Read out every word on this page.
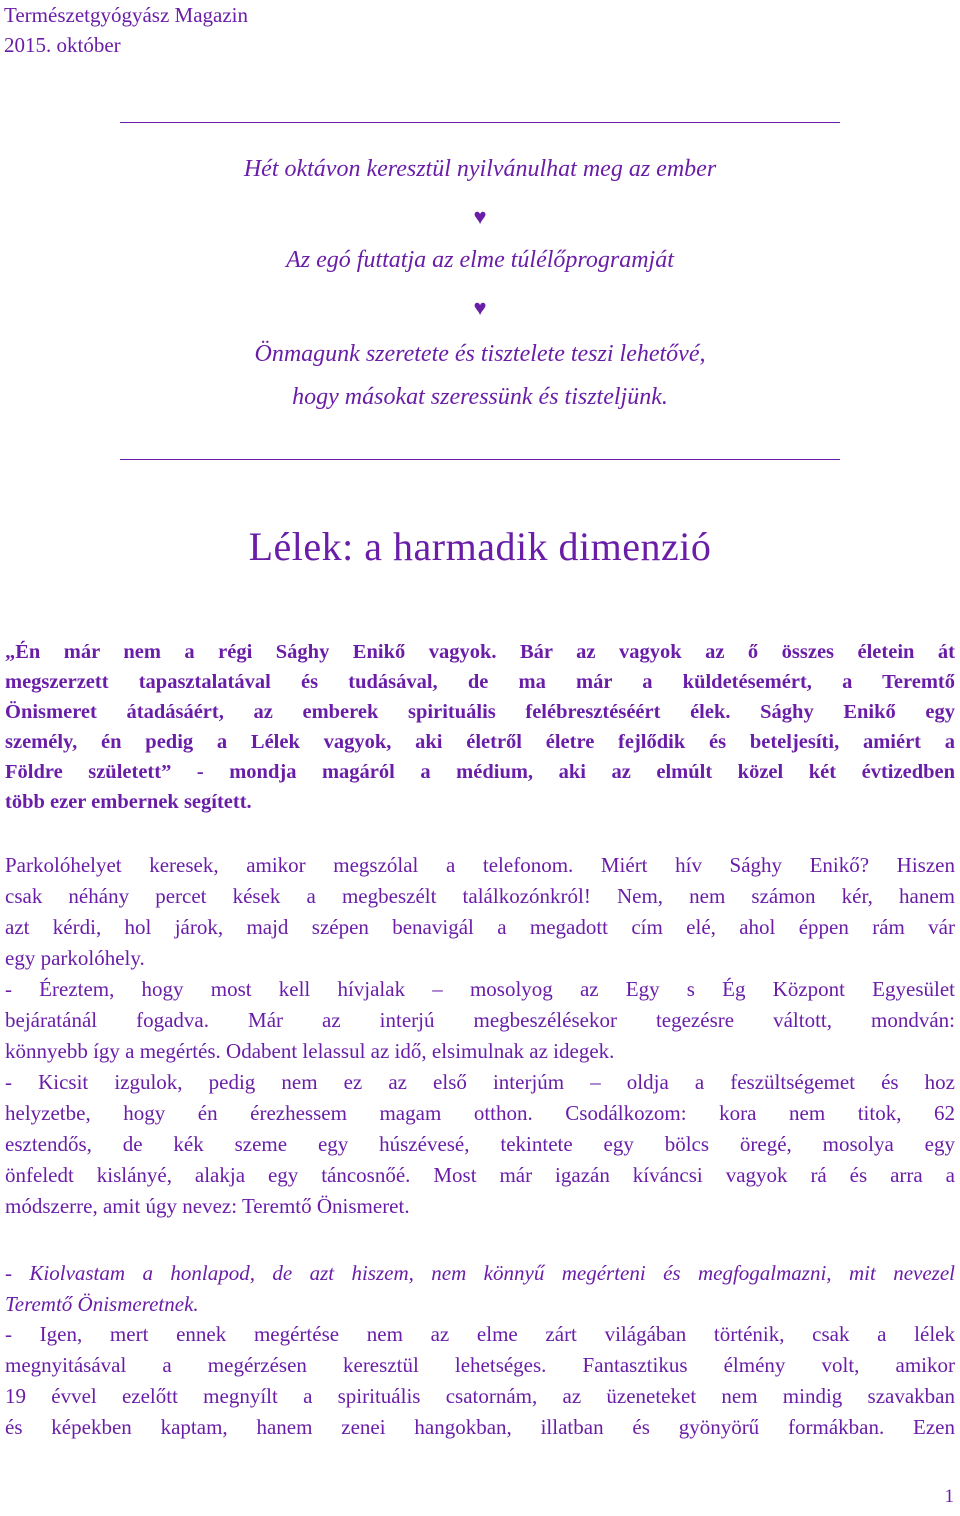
Természetgyógyász Magazin
2015. október
Hét oktávon keresztül nyilvánulhat meg az ember
♥
Az egó futtatja az elme túlélőprogramját
♥
Önmagunk szeretete és tisztelete teszi lehetővé,
hogy másokat szeressünk és tiszteljünk.
Lélek: a harmadik dimenzió
„Én már nem a régi Sághy Enikő vagyok. Bár az vagyok az ő összes életein át
megszerzett tapasztalatával és tudásával, de ma már a küldetésemért, a Teremtő
Önismeret átadásáért, az emberek spirituális felébresztéséért élek. Sághy Enikő egy
személy, én pedig a Lélek vagyok, aki életről életre fejlődik és beteljesíti, amiért a
Földre született” - mondja magáról a médium, aki az elmúlt közel két évtizedben
több ezer embernek segített.
Parkolóhelyet keresek, amikor megszólal a telefonom. Miért hív Sághy Enikő? Hiszen
csak néhány percet kések a megbeszélt találkozónkról! Nem, nem számon kér, hanem
azt kérdi, hol járok, majd szépen benavigál a megadott cím elé, ahol éppen rám vár
egy parkolóhely.
- Éreztem, hogy most kell hívjalak – mosolyog az Egy s Ég Központ Egyesület
bejáratánál fogadva. Már az interjú megbeszélésekor tegezésre váltott, mondván:
könnyebb így a megértés. Odabent lelassul az idő, elsimulnak az idegek.
- Kicsit izgulok, pedig nem ez az első interjúm – oldja a feszültségemet és hoz
helyzetbe, hogy én érezhessem magam otthon. Csodálkozom: kora nem titok, 62
esztendős, de kék szeme egy húszévesé, tekintete egy bölcs öregé, mosolya egy
önfeledt kislányé, alakja egy táncosnőé. Most már igazán kíváncsi vagyok rá és arra a
módszerre, amit úgy nevez: Teremtő Önismeret.
- Kiolvastam a honlapod, de azt hiszem, nem könnyű megérteni és megfogalmazni, mit nevezel
Teremtő Önismeretnek.
- Igen, mert ennek megértése nem az elme zárt világában történik, csak a lélek
megnyitásával a megérzésen keresztül lehetséges. Fantasztikus élmény volt, amikor
19 évvel ezelőtt megnyílt a spirituális csatornám, az üzeneteket nem mindig szavakban
és képekben kaptam, hanem zenei hangokban, illatban és gyönyörű formákban. Ezen
1
